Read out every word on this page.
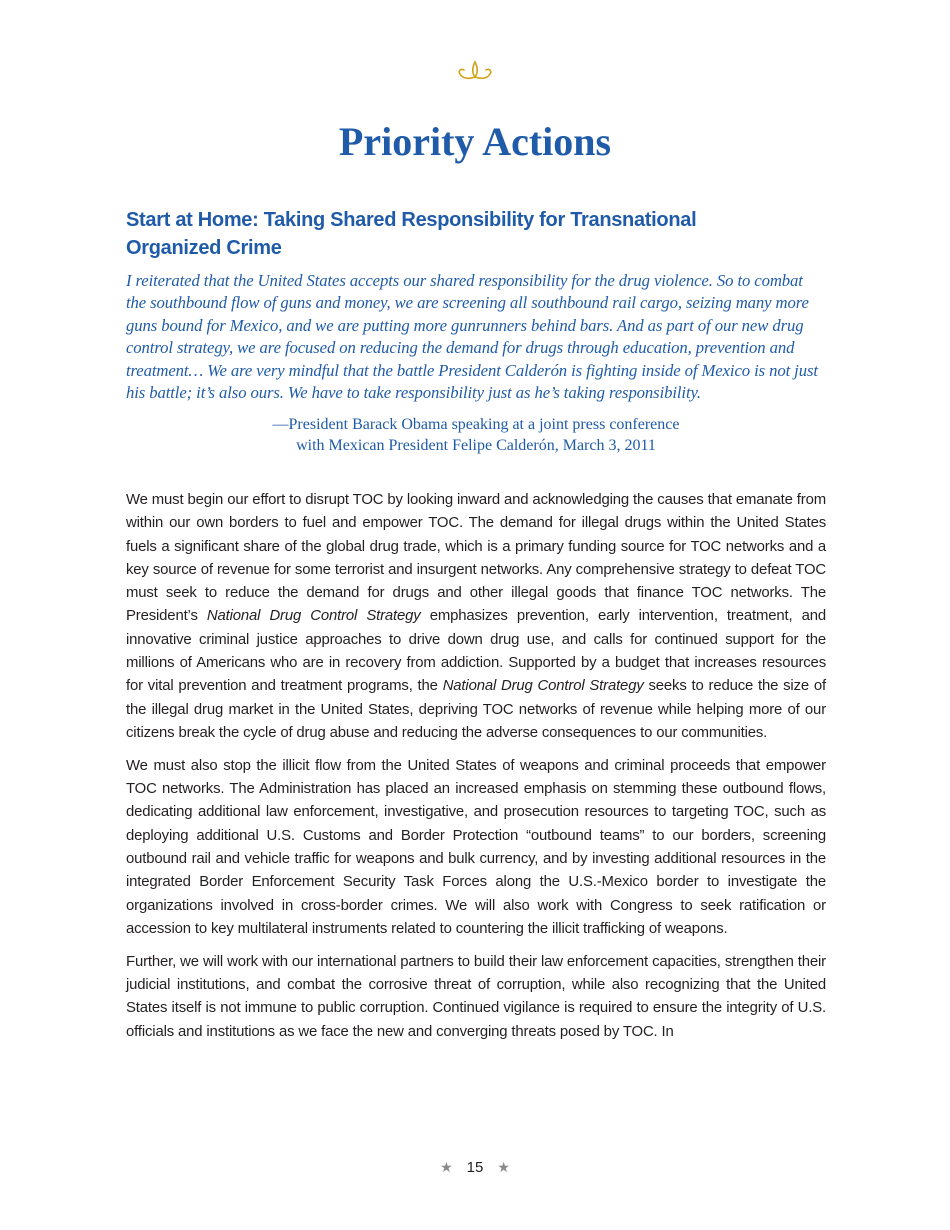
Priority Actions
Start at Home: Taking Shared Responsibility for Transnational
Organized Crime

I reiterated that the United States accepts our shared responsibility for the drug violence. So to combat the southbound flow of guns and money, we are screening all southbound rail cargo, seizing many more guns bound for Mexico, and we are putting more gunrunners behind bars. And as part of our new drug control strategy, we are focused on reducing the demand for drugs through education, prevention and treatment… We are very mindful that the battle President Calderón is fighting inside of Mexico is not just his battle; it’s also ours. We have to take responsibility just as he’s taking responsibility.

—President Barack Obama speaking at a joint press conference
with Mexican President Felipe Calderón, March 3, 2011

We must begin our effort to disrupt TOC by looking inward and acknowledging the causes that emanate from within our own borders to fuel and empower TOC. The demand for illegal drugs within the United States fuels a significant share of the global drug trade, which is a primary funding source for TOC networks and a key source of revenue for some terrorist and insurgent networks. Any comprehensive strategy to defeat TOC must seek to reduce the demand for drugs and other illegal goods that finance TOC networks. The President’s National Drug Control Strategy emphasizes prevention, early intervention, treatment, and innovative criminal justice approaches to drive down drug use, and calls for continued support for the millions of Americans who are in recovery from addiction. Supported by a budget that increases resources for vital prevention and treatment programs, the National Drug Control Strategy seeks to reduce the size of the illegal drug market in the United States, depriving TOC networks of revenue while helping more of our citizens break the cycle of drug abuse and reducing the adverse consequences to our communities.

We must also stop the illicit flow from the United States of weapons and criminal proceeds that empower TOC networks. The Administration has placed an increased emphasis on stemming these outbound flows, dedicating additional law enforcement, investigative, and prosecution resources to targeting TOC, such as deploying additional U.S. Customs and Border Protection “outbound teams” to our borders, screening outbound rail and vehicle traffic for weapons and bulk currency, and by investing additional resources in the integrated Border Enforcement Security Task Forces along the U.S.-Mexico border to investigate the organizations involved in cross-border crimes. We will also work with Congress to seek ratification or accession to key multilateral instruments related to countering the illicit trafficking of weapons.

Further, we will work with our international partners to build their law enforcement capacities, strengthen their judicial institutions, and combat the corrosive threat of corruption, while also recognizing that the United States itself is not immune to public corruption. Continued vigilance is required to ensure the integrity of U.S. officials and institutions as we face the new and converging threats posed by TOC. In

★ 15 ★
